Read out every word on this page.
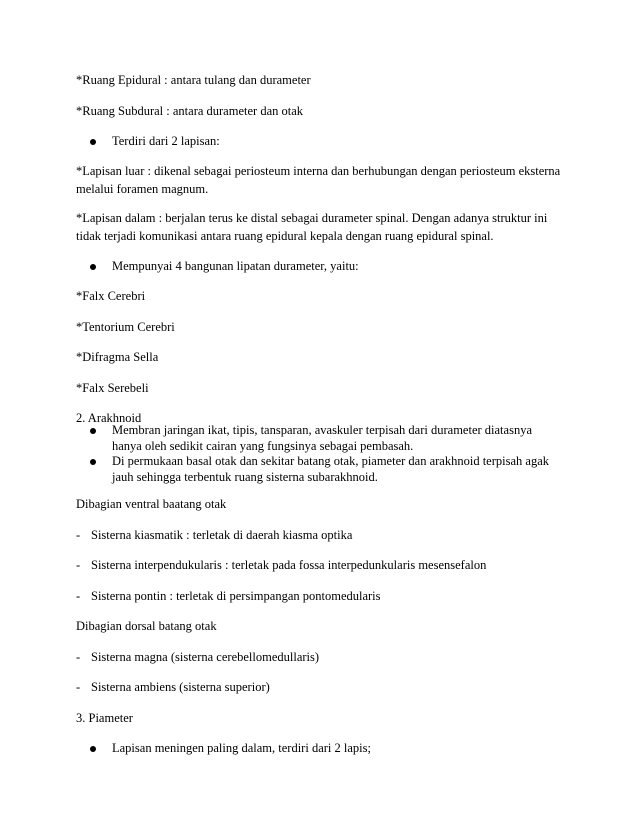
*Ruang Epidural : antara tulang dan durameter

*Ruang Subdural : antara durameter dan otak

Terdiri dari 2 lapisan:

*Lapisan luar : dikenal sebagai periosteum interna dan berhubungan dengan periosteum eksterna

melalui foramen magnum.

*Lapisan dalam : berjalan terus ke distal sebagai durameter spinal. Dengan adanya struktur ini

tidak terjadi komunikasi antara ruang epidural kepala dengan ruang epidural spinal.

Mempunyai 4 bangunan lipatan durameter, yaitu:

*Falx Cerebri

*Tentorium Cerebri

*Difragma Sella

*Falx Serebeli

2. Arakhnoid

Membran jaringan ikat, tipis, tansparan, avaskuler terpisah dari durameter diatasnya

hanya oleh sedikit cairan yang fungsinya sebagai pembasah.

Di permukaan basal otak dan sekitar batang otak, piameter dan arakhnoid terpisah agak

jauh sehingga terbentuk ruang sisterna subarakhnoid.

Dibagian ventral baatang otak

- Sisterna kiasmatik : terletak di daerah kiasma optika

- Sisterna interpendukularis : terletak pada fossa interpedunkularis mesensefalon

- Sisterna pontin : terletak di persimpangan pontomedularis

Dibagian dorsal batang otak

- Sisterna magna (sisterna cerebellomedullaris)

- Sisterna ambiens (sisterna superior)

3. Piameter

Lapisan meningen paling dalam, terdiri dari 2 lapis;
